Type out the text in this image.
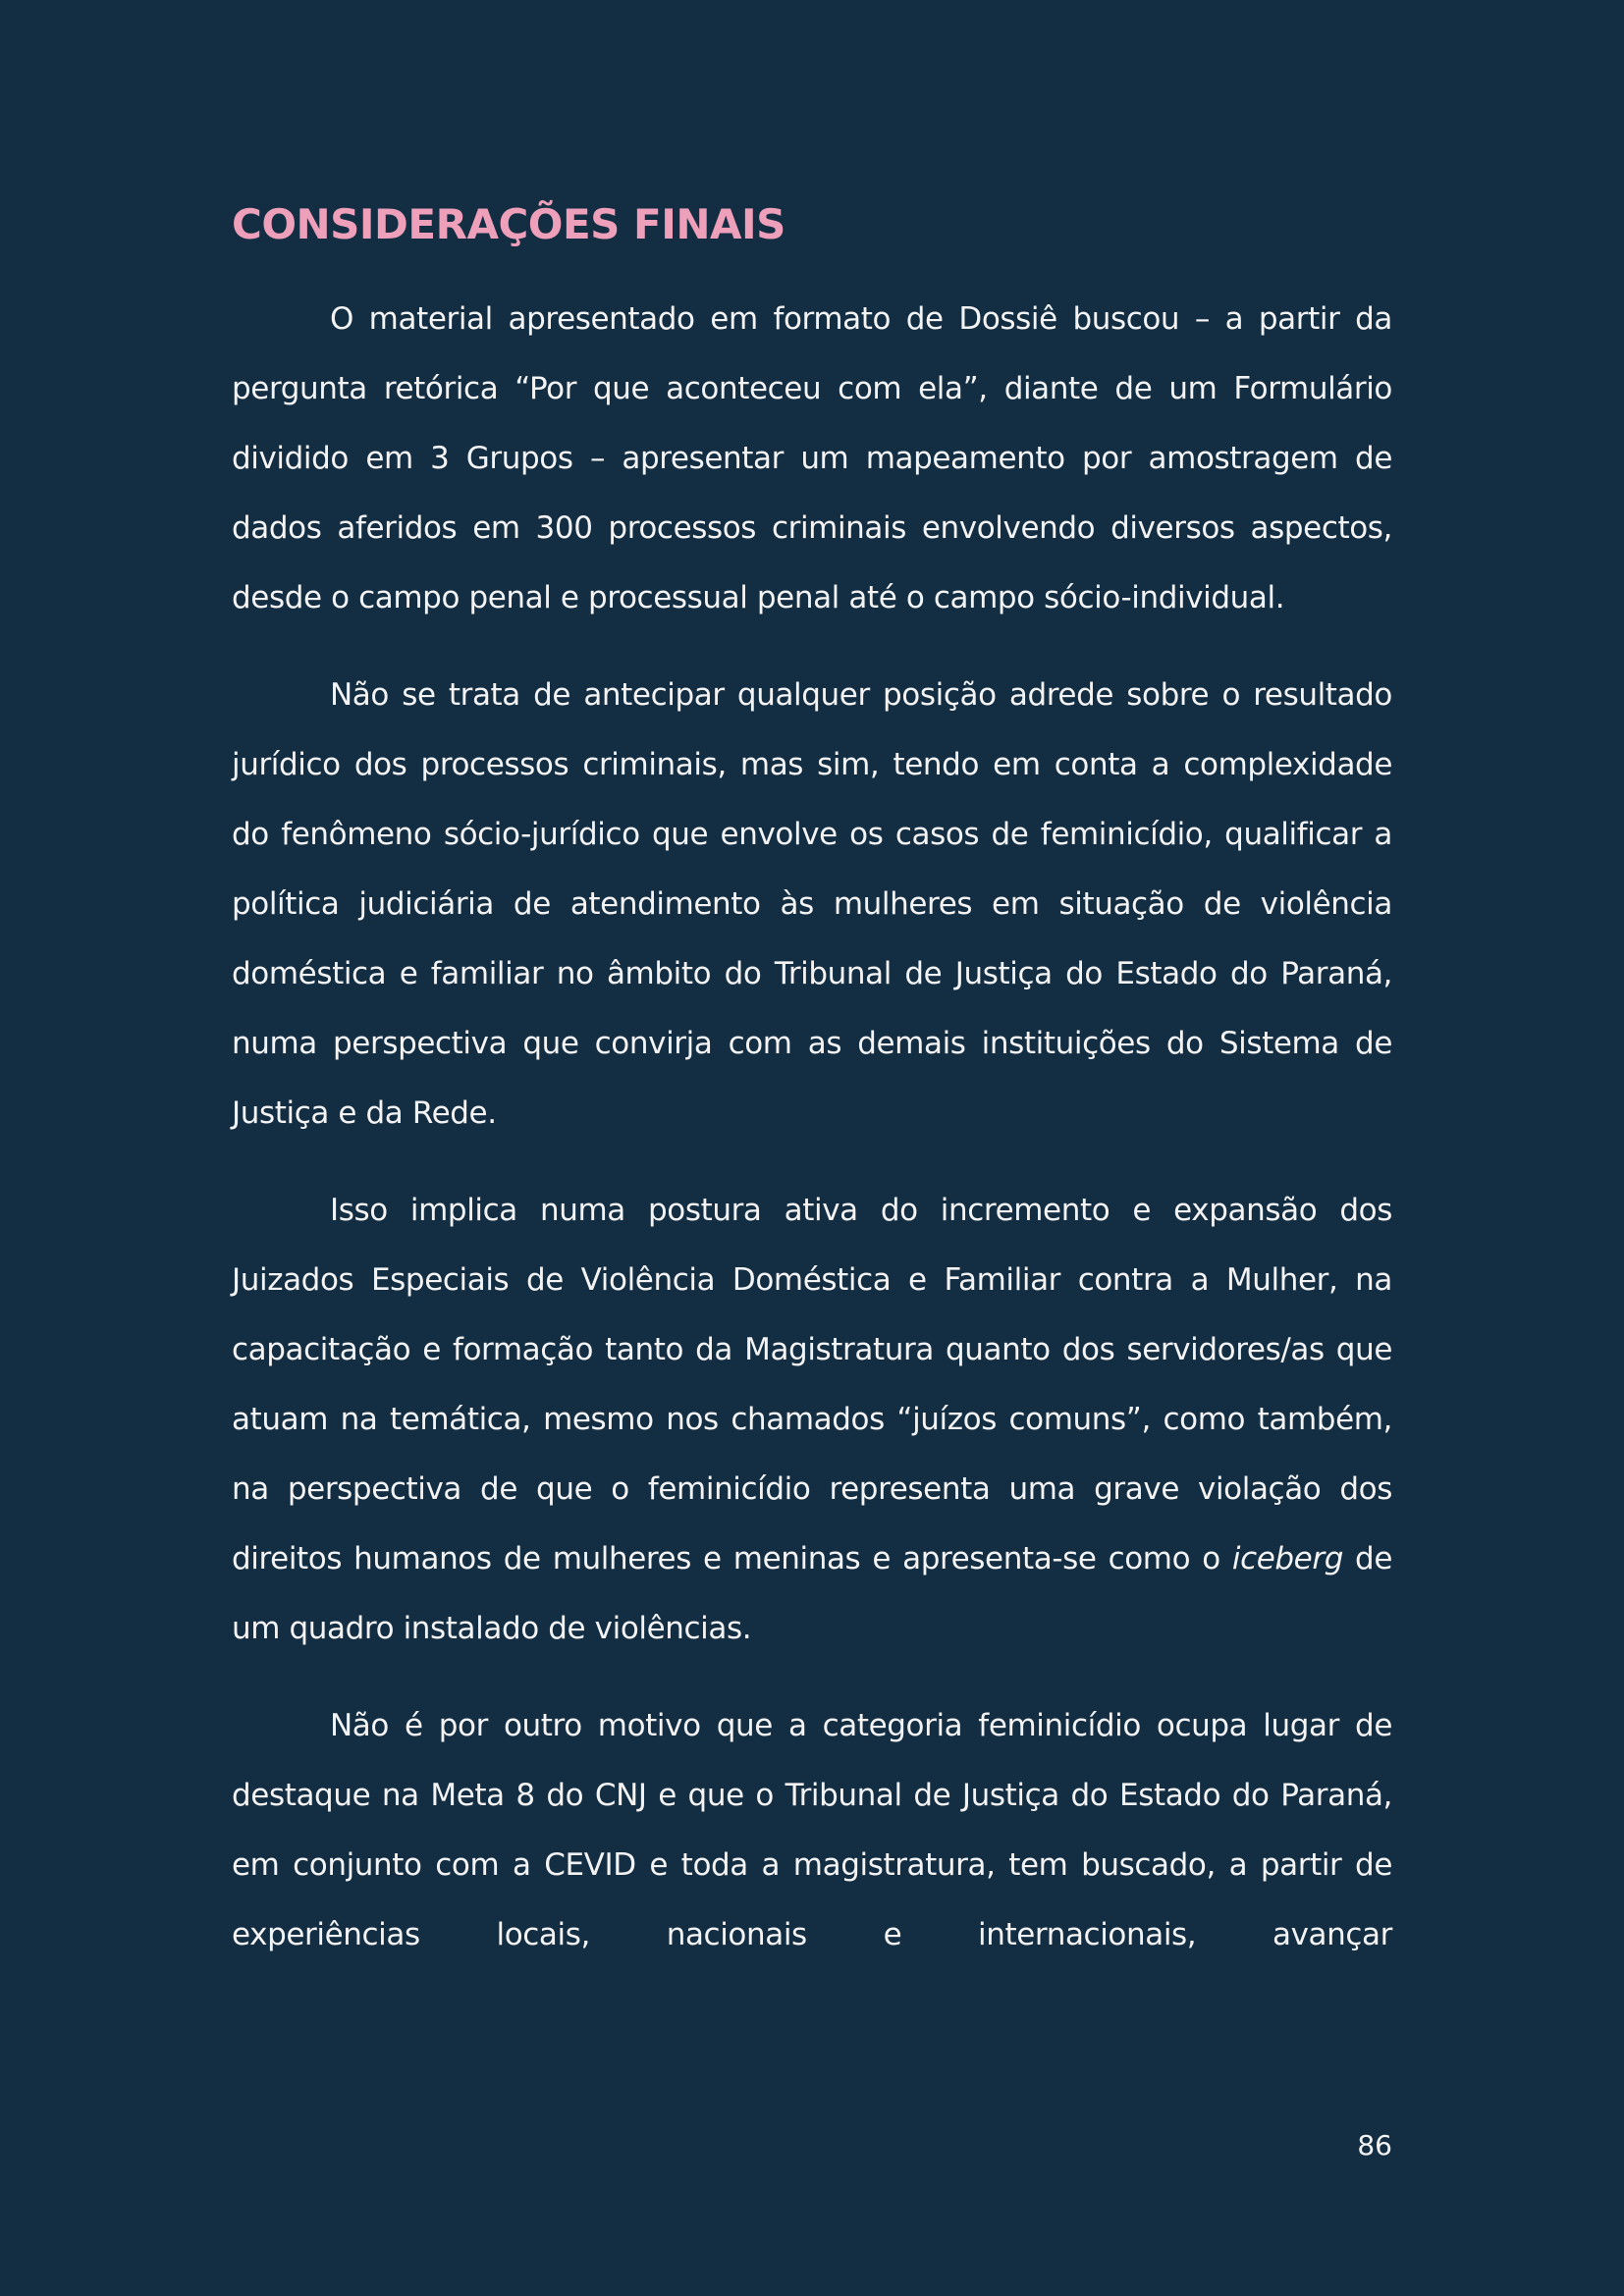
CONSIDERAÇÕES FINAIS

O material apresentado em formato de Dossiê buscou – a partir da pergunta retórica “Por que aconteceu com ela”, diante de um Formulário dividido em 3 Grupos – apresentar um mapeamento por amostragem de dados aferidos em 300 processos criminais envolvendo diversos aspectos, desde o campo penal e processual penal até o campo sócio-individual.

Não se trata de antecipar qualquer posição adrede sobre o resultado jurídico dos processos criminais, mas sim, tendo em conta a complexidade do fenômeno sócio-jurídico que envolve os casos de feminicídio, qualificar a política judiciária de atendimento às mulheres em situação de violência doméstica e familiar no âmbito do Tribunal de Justiça do Estado do Paraná, numa perspectiva que convirja com as demais instituições do Sistema de Justiça e da Rede.

Isso implica numa postura ativa do incremento e expansão dos Juizados Especiais de Violência Doméstica e Familiar contra a Mulher, na capacitação e formação tanto da Magistratura quanto dos servidores/as que atuam na temática, mesmo nos chamados “juízos comuns”, como também, na perspectiva de que o feminicídio representa uma grave violação dos direitos humanos de mulheres e meninas e apresenta-se como o iceberg de um quadro instalado de violências.

Não é por outro motivo que a categoria feminicídio ocupa lugar de destaque na Meta 8 do CNJ e que o Tribunal de Justiça do Estado do Paraná, em conjunto com a CEVID e toda a magistratura, tem buscado, a partir de experiências locais, nacionais e internacionais, avançar

86
